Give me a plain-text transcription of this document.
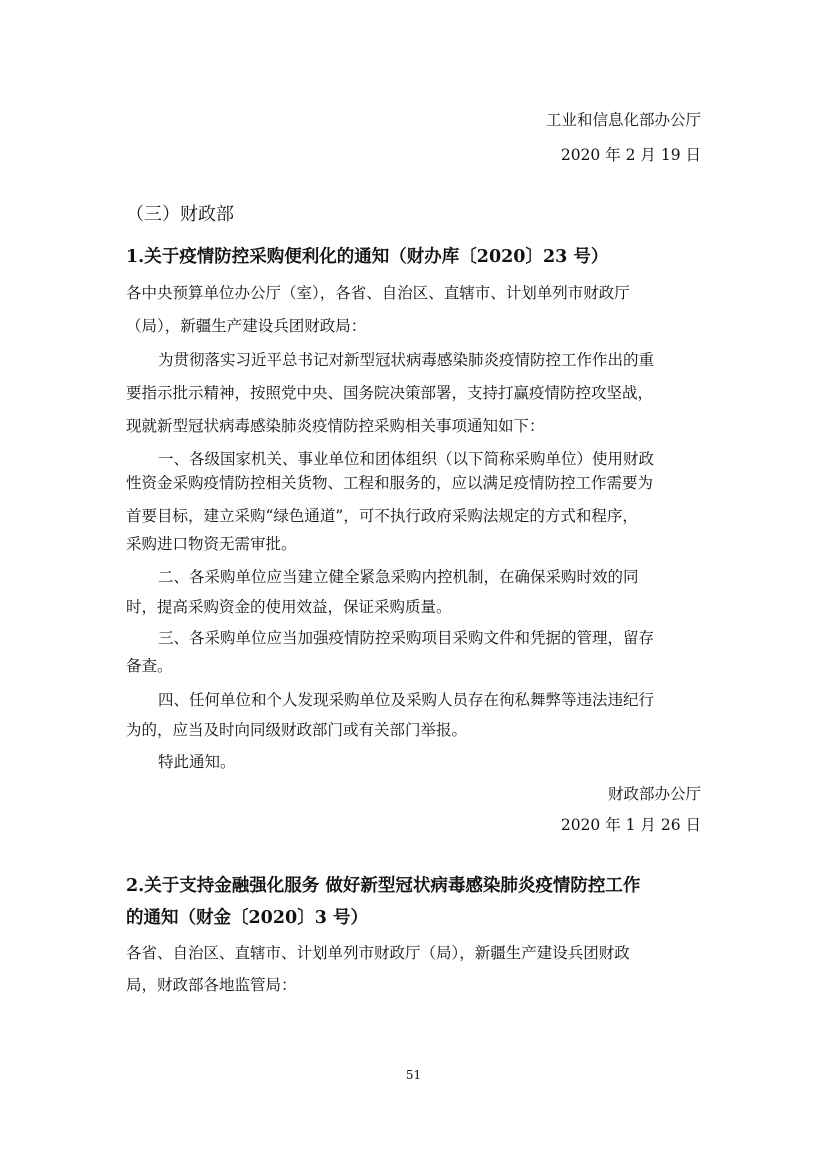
工业和信息化部办公厅
2020 年 2 月 19 日
（三）财政部
1.关于疫情防控采购便利化的通知（财办库〔2020〕23 号）
各中央预算单位办公厅（室），各省、自治区、直辖市、计划单列市财政厅
（局），新疆生产建设兵团财政局：
为贯彻落实习近平总书记对新型冠状病毒感染肺炎疫情防控工作作出的重
要指示批示精神，按照党中央、国务院决策部署，支持打赢疫情防控攻坚战，
现就新型冠状病毒感染肺炎疫情防控采购相关事项通知如下：
一、各级国家机关、事业单位和团体组织（以下简称采购单位）使用财政
性资金采购疫情防控相关货物、工程和服务的，应以满足疫情防控工作需要为
首要目标，建立采购“绿色通道”，可不执行政府采购法规定的方式和程序，
采购进口物资无需审批。
二、各采购单位应当建立健全紧急采购内控机制，在确保采购时效的同
时，提高采购资金的使用效益，保证采购质量。
三、各采购单位应当加强疫情防控采购项目采购文件和凭据的管理，留存
备查。
四、任何单位和个人发现采购单位及采购人员存在徇私舞弊等违法违纪行
为的，应当及时向同级财政部门或有关部门举报。
特此通知。
财政部办公厅
2020 年 1 月 26 日
2.关于支持金融强化服务 做好新型冠状病毒感染肺炎疫情防控工作
的通知（财金〔2020〕3 号）
各省、自治区、直辖市、计划单列市财政厅（局），新疆生产建设兵团财政
局，财政部各地监管局：
51
